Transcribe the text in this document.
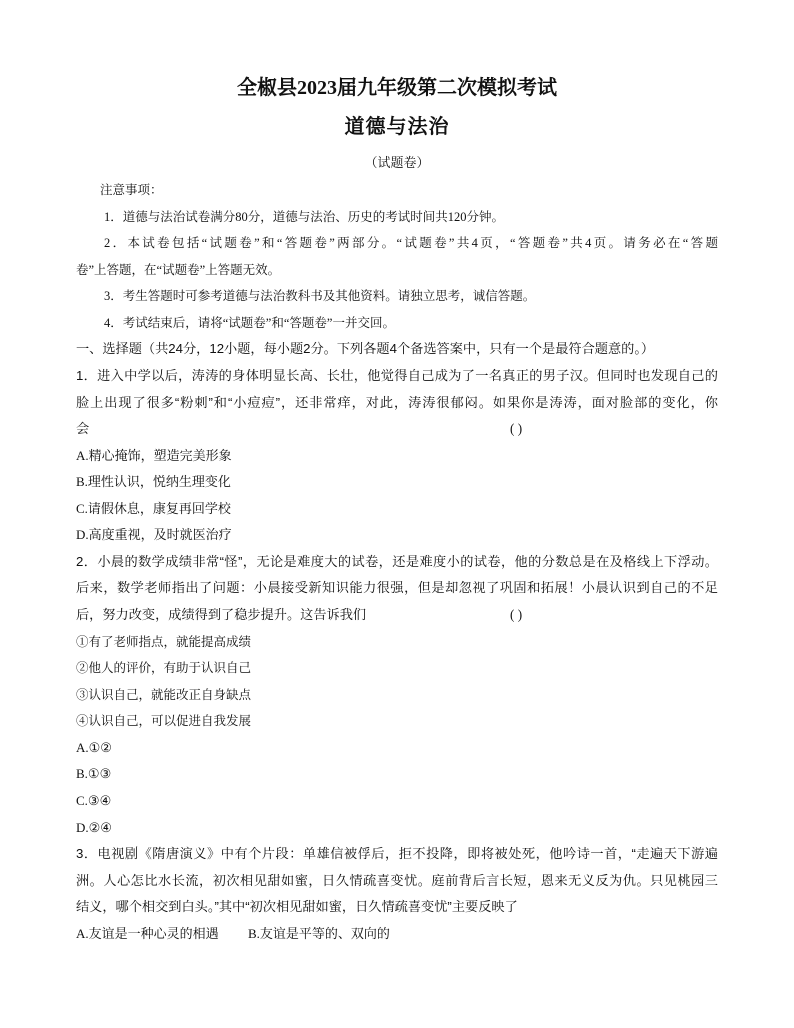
全椒县2023届九年级第二次模拟考试
道德与法治
（试题卷）
注意事项：
1．道德与法治试卷满分80分，道德与法治、历史的考试时间共120分钟。
2．本试卷包括“试题卷”和“答题卷”两部分。“试题卷”共4页，“答题卷”共4页。请务必在“答题
卷”上答题，在“试题卷”上答题无效。
3．考生答题时可参考道德与法治教科书及其他资料。请独立思考，诚信答题。
4．考试结束后，请将“试题卷”和“答题卷”一并交回。
一、选择题（共24分，12小题，每小题2分。下列各题4个备选答案中，只有一个是最符合题意的。）
1．进入中学以后，涛涛的身体明显长高、长壮，他觉得自己成为了一名真正的男子汉。但同时也发现自己的
脸上出现了很多“粉刺”和“小痘痘”，还非常痒，对此，涛涛很郁闷。如果你是涛涛，面对脸部的变化，你
会	( )
A.精心掩饰，塑造完美形象
B.理性认识，悦纳生理变化
C.请假休息，康复再回学校
D.高度重视，及时就医治疗
2．小晨的数学成绩非常“怪”，无论是难度大的试卷，还是难度小的试卷，他的分数总是在及格线上下浮动。
后来，数学老师指出了问题：小晨接受新知识能力很强，但是却忽视了巩固和拓展！小晨认识到自己的不足
后，努力改变，成绩得到了稳步提升。这告诉我们	( )
①有了老师指点，就能提高成绩
②他人的评价，有助于认识自己
③认识自己，就能改正自身缺点
④认识自己，可以促进自我发展
A.①②
B.①③
C.③④
D.②④
3．电视剧《隋唐演义》中有个片段：单雄信被俘后，拒不投降，即将被处死，他吟诗一首，“走遍天下游遍
洲。人心怎比水长流，初次相见甜如蜜，日久情疏喜变忧。庭前背后言长短，恩来无义反为仇。只见桃园三
结义，哪个相交到白头。”其中“初次相见甜如蜜，日久情疏喜变忧”主要反映了
A.友谊是一种心灵的相遇 B.友谊是平等的、双向的
